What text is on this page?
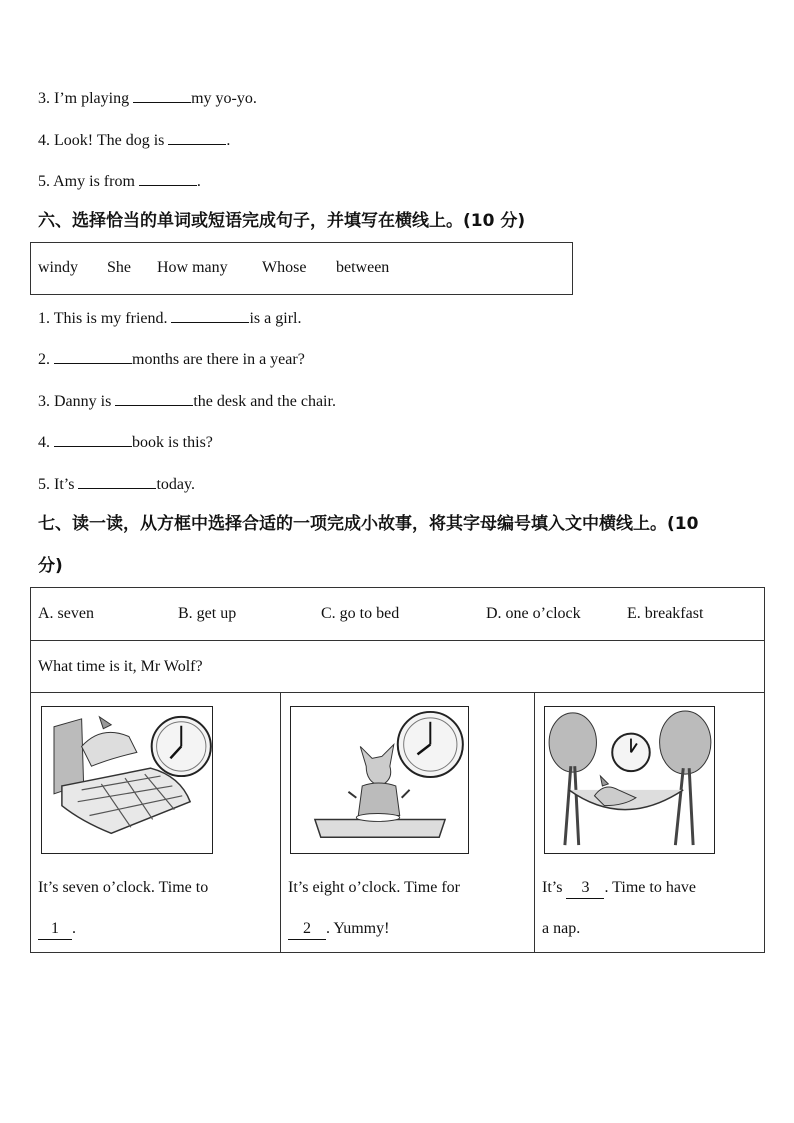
3. I’m playing	my yo-yo.
4. Look! The dog is	.
5. Amy is from	.
六、选择恰当的单词或短语完成句子，并填写在横线上。(10 分)
windy She How many Whose between
1. This is my friend.	is a girl.
2.	months are there in a year?
3. Danny is	the desk and the chair.
4.	book is this?
5. It’s	today.
七、读一读，从方框中选择合适的一项完成小故事，将其字母编号填入文中横线上。(10
分)
A. seven	B. get up	C. go to bed	D. one o’clock	E. breakfast
What time is it, Mr Wolf?
It’s seven o’clock. Time to
1 .
It’s eight o’clock. Time for
2 . Yummy!
It’s 3 . Time to have
a nap.
